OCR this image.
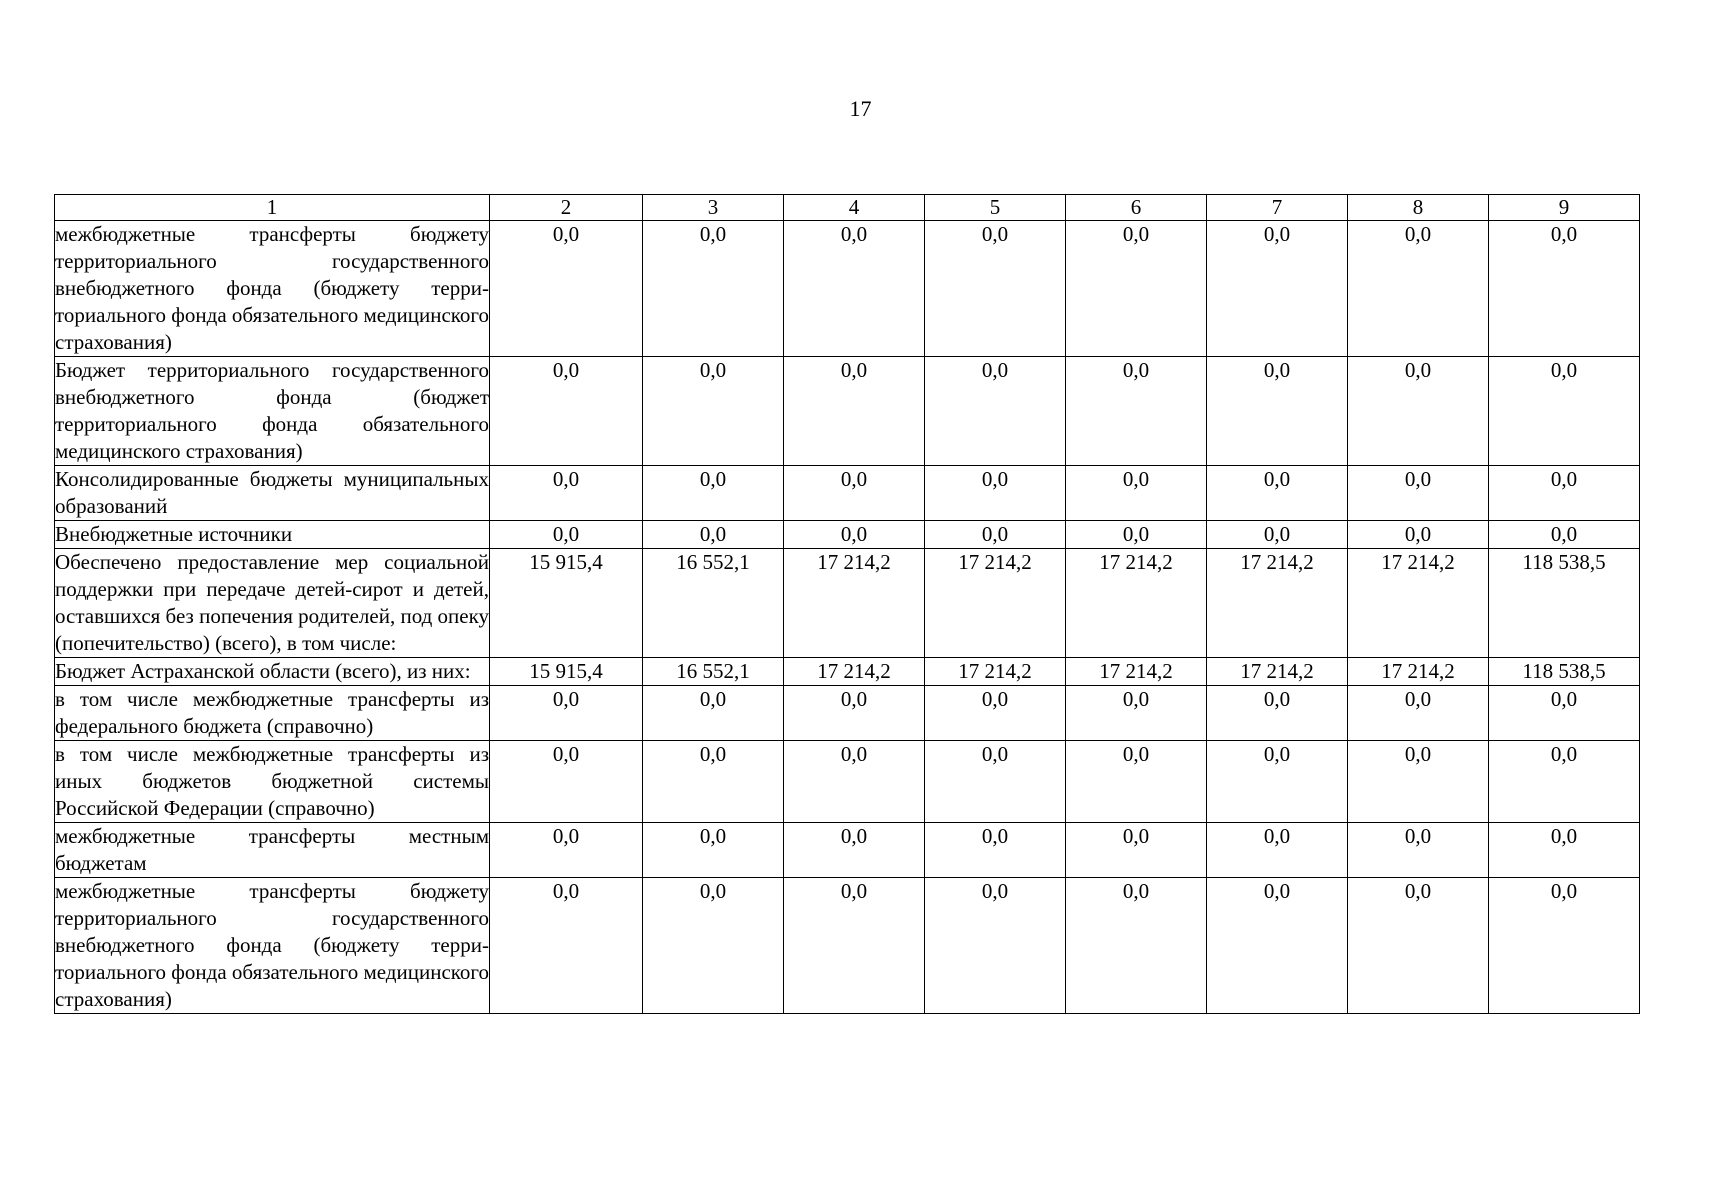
17
1	2	3	4	5	6	7	8	9
межбюджетные трансферты бюджету территориального государственного внебюджетного фонда (бюджету территориального фонда обязательного медицинского страхования)	0,0	0,0	0,0	0,0	0,0	0,0	0,0	0,0
Бюджет территориального государственного внебюджетного фонда (бюджет территориального фонда обязательного медицинского страхования)	0,0	0,0	0,0	0,0	0,0	0,0	0,0	0,0
Консолидированные бюджеты муниципальных образований	0,0	0,0	0,0	0,0	0,0	0,0	0,0	0,0
Внебюджетные источники	0,0	0,0	0,0	0,0	0,0	0,0	0,0	0,0
Обеспечено предоставление мер социальной поддержки при передаче детей-сирот и детей, оставшихся без попечения родителей, под опеку (попечительство) (всего), в том числе:	15 915,4	16 552,1	17 214,2	17 214,2	17 214,2	17 214,2	17 214,2	118 538,5
Бюджет Астраханской области (всего), из них:	15 915,4	16 552,1	17 214,2	17 214,2	17 214,2	17 214,2	17 214,2	118 538,5
в том числе межбюджетные трансферты из федерального бюджета (справочно)	0,0	0,0	0,0	0,0	0,0	0,0	0,0	0,0
в том числе межбюджетные трансферты из иных бюджетов бюджетной системы Российской Федерации (справочно)	0,0	0,0	0,0	0,0	0,0	0,0	0,0	0,0
межбюджетные трансферты местным бюджетам	0,0	0,0	0,0	0,0	0,0	0,0	0,0	0,0
межбюджетные трансферты бюджету территориального государственного внебюджетного фонда (бюджету территориального фонда обязательного медицинского страхования)	0,0	0,0	0,0	0,0	0,0	0,0	0,0	0,0
